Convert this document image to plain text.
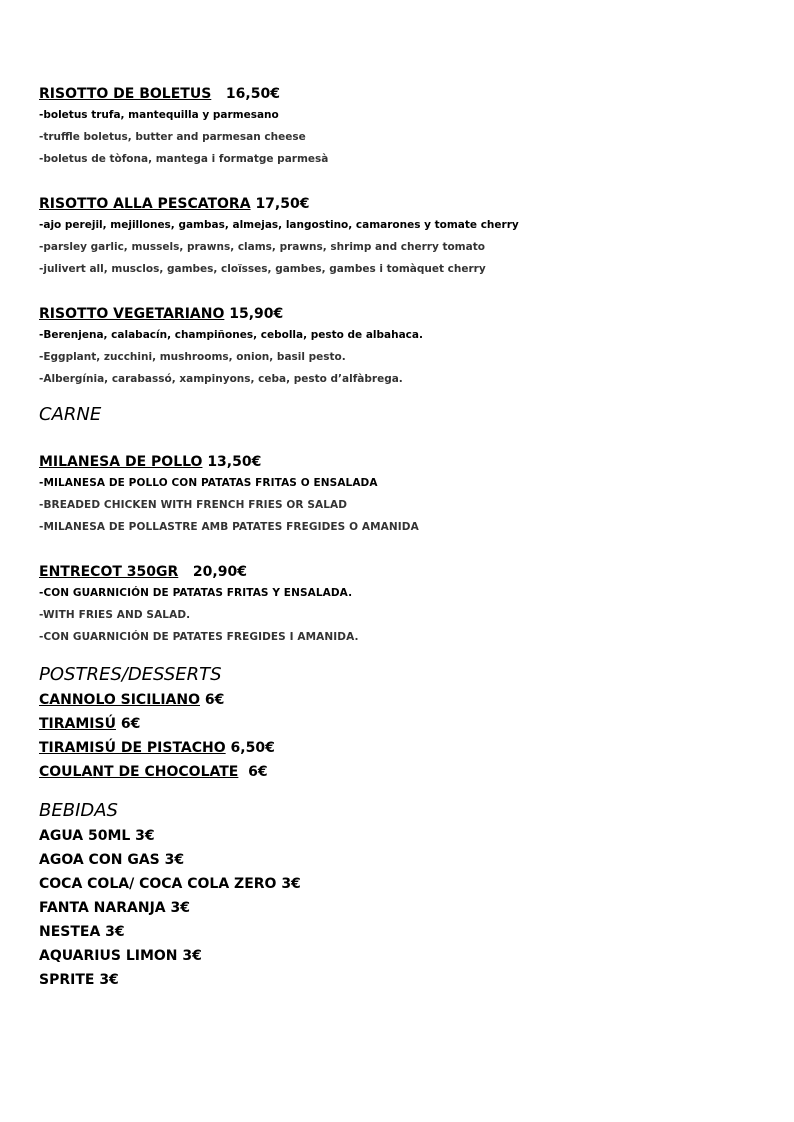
RISOTTO DE BOLETUS 16,50€
-boletus trufa, mantequilla y parmesano
-truffle boletus, butter and parmesan cheese
-boletus de tòfona, mantega i formatge parmesà
RISOTTO ALLA PESCATORA 17,50€
-ajo perejil, mejillones, gambas, almejas, langostino, camarones y tomate cherry
-parsley garlic, mussels, prawns, clams, prawns, shrimp and cherry tomato
-julivert all, musclos, gambes, cloïsses, gambes, gambes i tomàquet cherry
RISOTTO VEGETARIANO 15,90€
-Berenjena, calabacín, champiñones, cebolla, pesto de albahaca.
-Eggplant, zucchini, mushrooms, onion, basil pesto.
-Albergínia, carabassó, xampinyons, ceba, pesto d’alfàbrega.
CARNE
MILANESA DE POLLO 13,50€
-MILANESA DE POLLO CON PATATAS FRITAS O ENSALADA
-BREADED CHICKEN WITH FRENCH FRIES OR SALAD
-MILANESA DE POLLASTRE AMB PATATES FREGIDES O AMANIDA
ENTRECOT 350GR 20,90€
-CON GUARNICIÓN DE PATATAS FRITAS Y ENSALADA.
-WITH FRIES AND SALAD.
-CON GUARNICIÓN DE PATATES FREGIDES I AMANIDA.
POSTRES/DESSERTS
CANNOLO SICILIANO 6€
TIRAMISÚ 6€
TIRAMISÚ DE PISTACHO 6,50€
COULANT DE CHOCOLATE 6€
BEBIDAS
AGUA 50ML 3€
AGOA CON GAS 3€
COCA COLA/ COCA COLA ZERO 3€
FANTA NARANJA 3€
NESTEA 3€
AQUARIUS LIMON 3€
SPRITE 3€
